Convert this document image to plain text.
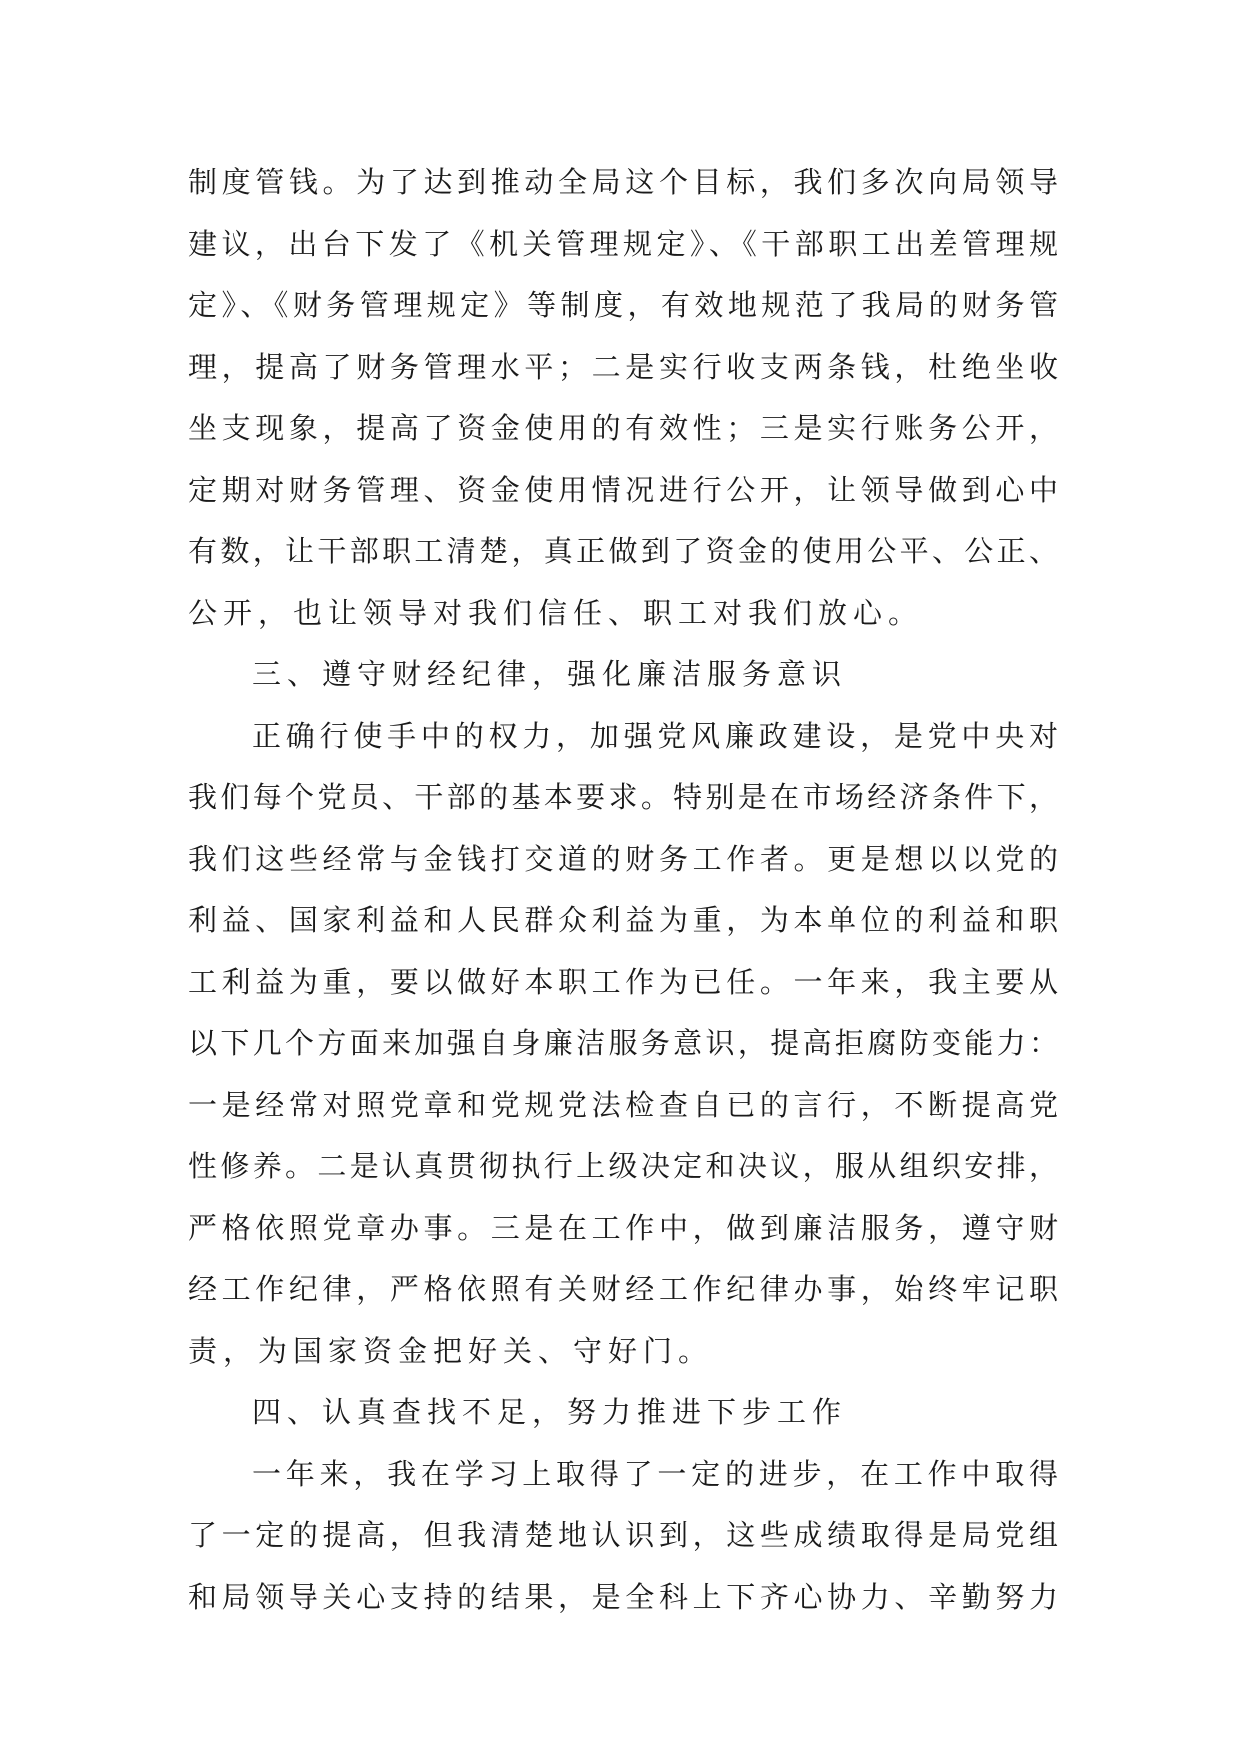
制度管钱。为了达到推动全局这个目标，我们多次向局领导
建议，出台下发了《机关管理规定》、《干部职工出差管理规
定》、《财务管理规定》等制度，有效地规范了我局的财务管
理，提高了财务管理水平；二是实行收支两条钱，杜绝坐收
坐支现象，提高了资金使用的有效性；三是实行账务公开，
定期对财务管理、资金使用情况进行公开，让领导做到心中
有数，让干部职工清楚，真正做到了资金的使用公平、公正、
公开，也让领导对我们信任、职工对我们放心。
三、遵守财经纪律，强化廉洁服务意识
正确行使手中的权力，加强党风廉政建设，是党中央对
我们每个党员、干部的基本要求。特别是在市场经济条件下，
我们这些经常与金钱打交道的财务工作者。更是想以以党的
利益、国家利益和人民群众利益为重，为本单位的利益和职
工利益为重，要以做好本职工作为已任。一年来，我主要从
以下几个方面来加强自身廉洁服务意识，提高拒腐防变能力：
一是经常对照党章和党规党法检查自已的言行，不断提高党
性修养。二是认真贯彻执行上级决定和决议，服从组织安排，
严格依照党章办事。三是在工作中，做到廉洁服务，遵守财
经工作纪律，严格依照有关财经工作纪律办事，始终牢记职
责，为国家资金把好关、守好门。
四、认真查找不足，努力推进下步工作
一年来，我在学习上取得了一定的进步，在工作中取得
了一定的提高，但我清楚地认识到，这些成绩取得是局党组
和局领导关心支持的结果，是全科上下齐心协力、辛勤努力
